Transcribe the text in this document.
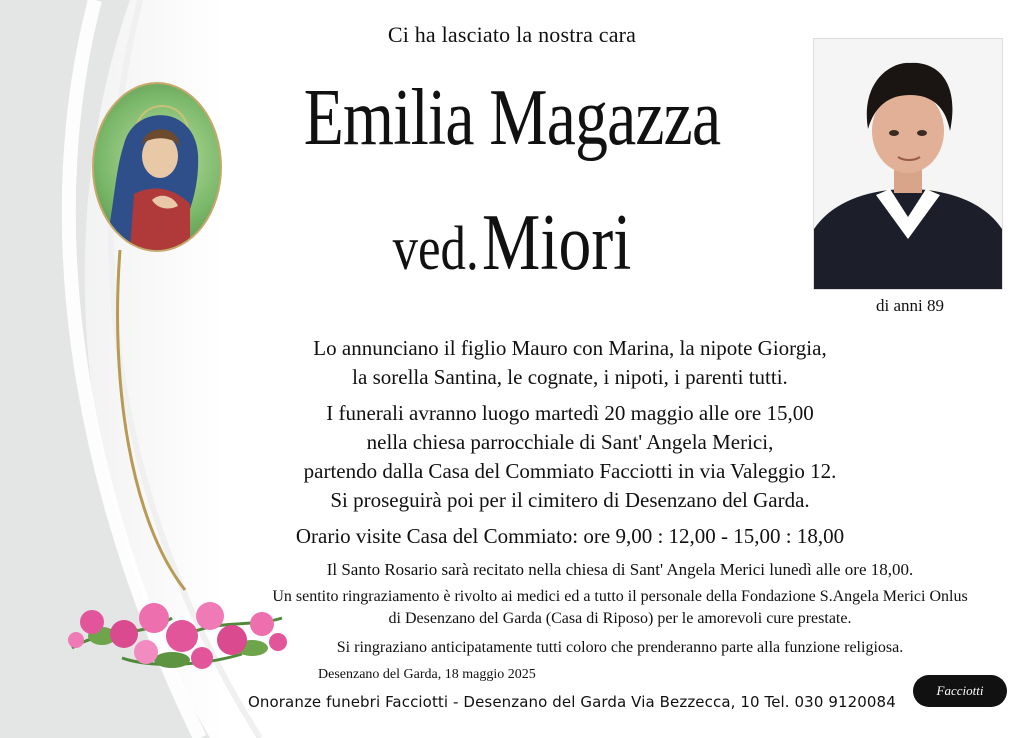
Ci ha lasciato la nostra cara
Emilia Magazza
ved. Miori
di anni 89
Lo annunciano il figlio Mauro con Marina, la nipote Giorgia,
la sorella Santina, le cognate, i nipoti, i parenti tutti.
I funerali avranno luogo martedì 20 maggio alle ore 15,00
nella chiesa parrocchiale di Sant' Angela Merici,
partendo dalla Casa del Commiato Facciotti in via Valeggio 12.
Si proseguirà poi per il cimitero di Desenzano del Garda.
Orario visite Casa del Commiato: ore 9,00 : 12,00 - 15,00 : 18,00
Il Santo Rosario sarà recitato nella chiesa di Sant' Angela Merici lunedì alle ore 18,00.
Un sentito ringraziamento è rivolto ai medici ed a tutto il personale della Fondazione S.Angela Merici Onlus
di Desenzano del Garda (Casa di Riposo) per le amorevoli cure prestate.
Si ringraziano anticipatamente tutti coloro che prenderanno parte alla funzione religiosa.
Desenzano del Garda, 18 maggio 2025
Onoranze funebri Facciotti - Desenzano del Garda Via Bezzecca, 10 Tel. 030 9120084
Facciotti
